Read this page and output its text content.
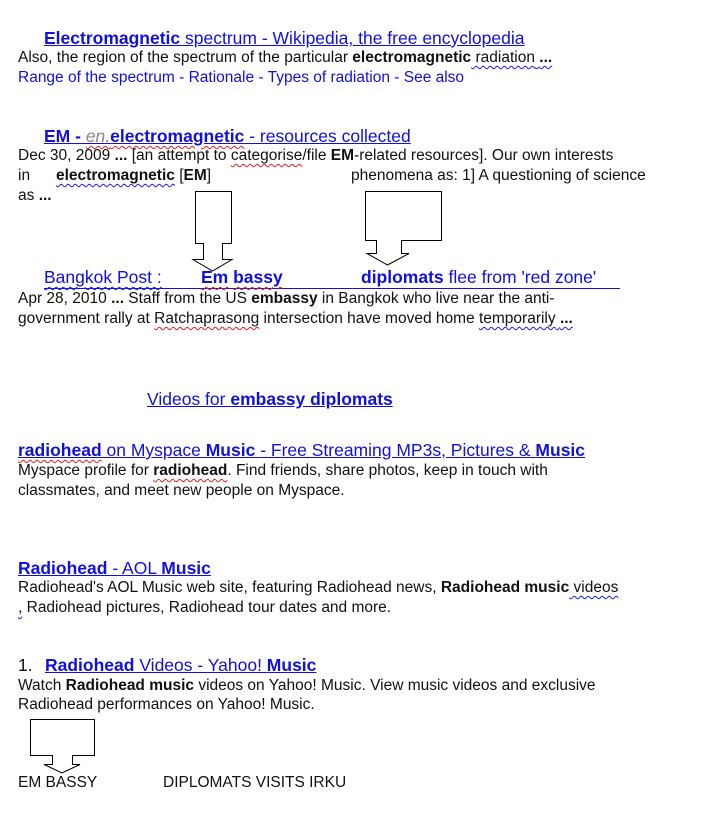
Electromagnetic spectrum - Wikipedia, the free encyclopedia
Also, the region of the spectrum of the particular electromagnetic radiation ...
Range of the spectrum - Rationale - Types of radiation - See also
EM - en.electromagnetic - resources collected
Dec 30, 2009 ... [an attempt to categorise/file EM-related resources]. Our own interests
in electromagnetic [EM]	phenomena as: 1] A questioning of science
as ...
Bangkok Post : Em bassy	diplomats flee from 'red zone'
Apr 28, 2010 ... Staff from the US embassy in Bangkok who live near the anti-
government rally at Ratchaprasong intersection have moved home temporarily ...
Videos for embassy diplomats
radiohead on Myspace Music - Free Streaming MP3s, Pictures & Music
Myspace profile for radiohead. Find friends, share photos, keep in touch with
classmates, and meet new people on Myspace.
Radiohead - AOL Music
Radiohead's AOL Music web site, featuring Radiohead news, Radiohead music videos
, Radiohead pictures, Radiohead tour dates and more.
1. Radiohead Videos - Yahoo! Music
Watch Radiohead music videos on Yahoo! Music. View music videos and exclusive
Radiohead performances on Yahoo! Music.
EM BASSY	DIPLOMATS VISITS IRKU
